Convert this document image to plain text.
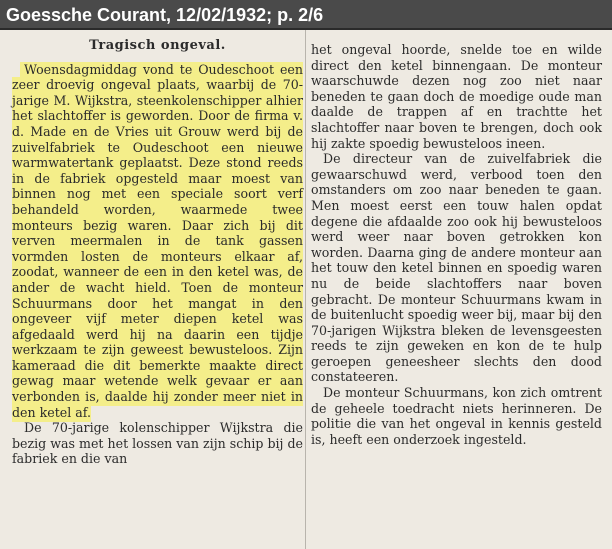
Goessche Courant, 12/02/1932; p. 2/6
Tragisch ongeval.

Woensdagmiddag vond te Oudeschoot een zeer droevig ongeval plaats, waarbij de 70-jarige M. Wijkstra, steenkolenschipper alhier het slachtoffer is geworden. Door de firma v. d. Made en de Vries uit Grouw werd bij de zuivelfabriek te Oudeschoot een nieuwe warmwatertank geplaatst. Deze stond reeds in de fabriek opgesteld maar moest van binnen nog met een speciale soort verf behandeld worden, waarmede twee monteurs bezig waren. Daar zich bij dit verven meermalen in de tank gassen vormden losten de monteurs elkaar af, zoodat, wanneer de een in den ketel was, de ander de wacht hield. Toen de monteur Schuurmans door het mangat in den ongeveer vijf meter diepen ketel was afgedaald werd hij na daarin een tijdje werkzaam te zijn geweest bewusteloos. Zijn kameraad die dit bemerkte maakte direct gewag maar wetende welk gevaar er aan verbonden is, daalde hij zonder meer niet in den ketel af.

De 70-jarige kolenschipper Wijkstra die bezig was met het lossen van zijn schip bij de fabriek en die van

het ongeval hoorde, snelde toe en wilde direct den ketel binnengaan. De monteur waarschuwde dezen nog zoo niet naar beneden te gaan doch de moedige oude man daalde de trappen af en trachtte het slachtoffer naar boven te brengen, doch ook hij zakte spoedig bewusteloos ineen.

De directeur van de zuivelfabriek die gewaarschuwd werd, verbood toen den omstanders om zoo naar beneden te gaan. Men moest eerst een touw halen opdat degene die afdaalde zoo ook hij bewusteloos werd weer naar boven getrokken kon worden. Daarna ging de andere monteur aan het touw den ketel binnen en spoedig waren nu de beide slachtoffers naar boven gebracht. De monteur Schuurmans kwam in de buitenlucht spoedig weer bij, maar bij den 70-jarigen Wijkstra bleken de levensgeesten reeds te zijn geweken en kon de te hulp geroepen geneesheer slechts den dood constateeren.

De monteur Schuurmans, kon zich omtrent de geheele toedracht niets herinneren. De politie die van het ongeval in kennis gesteld is, heeft een onderzoek ingesteld.
